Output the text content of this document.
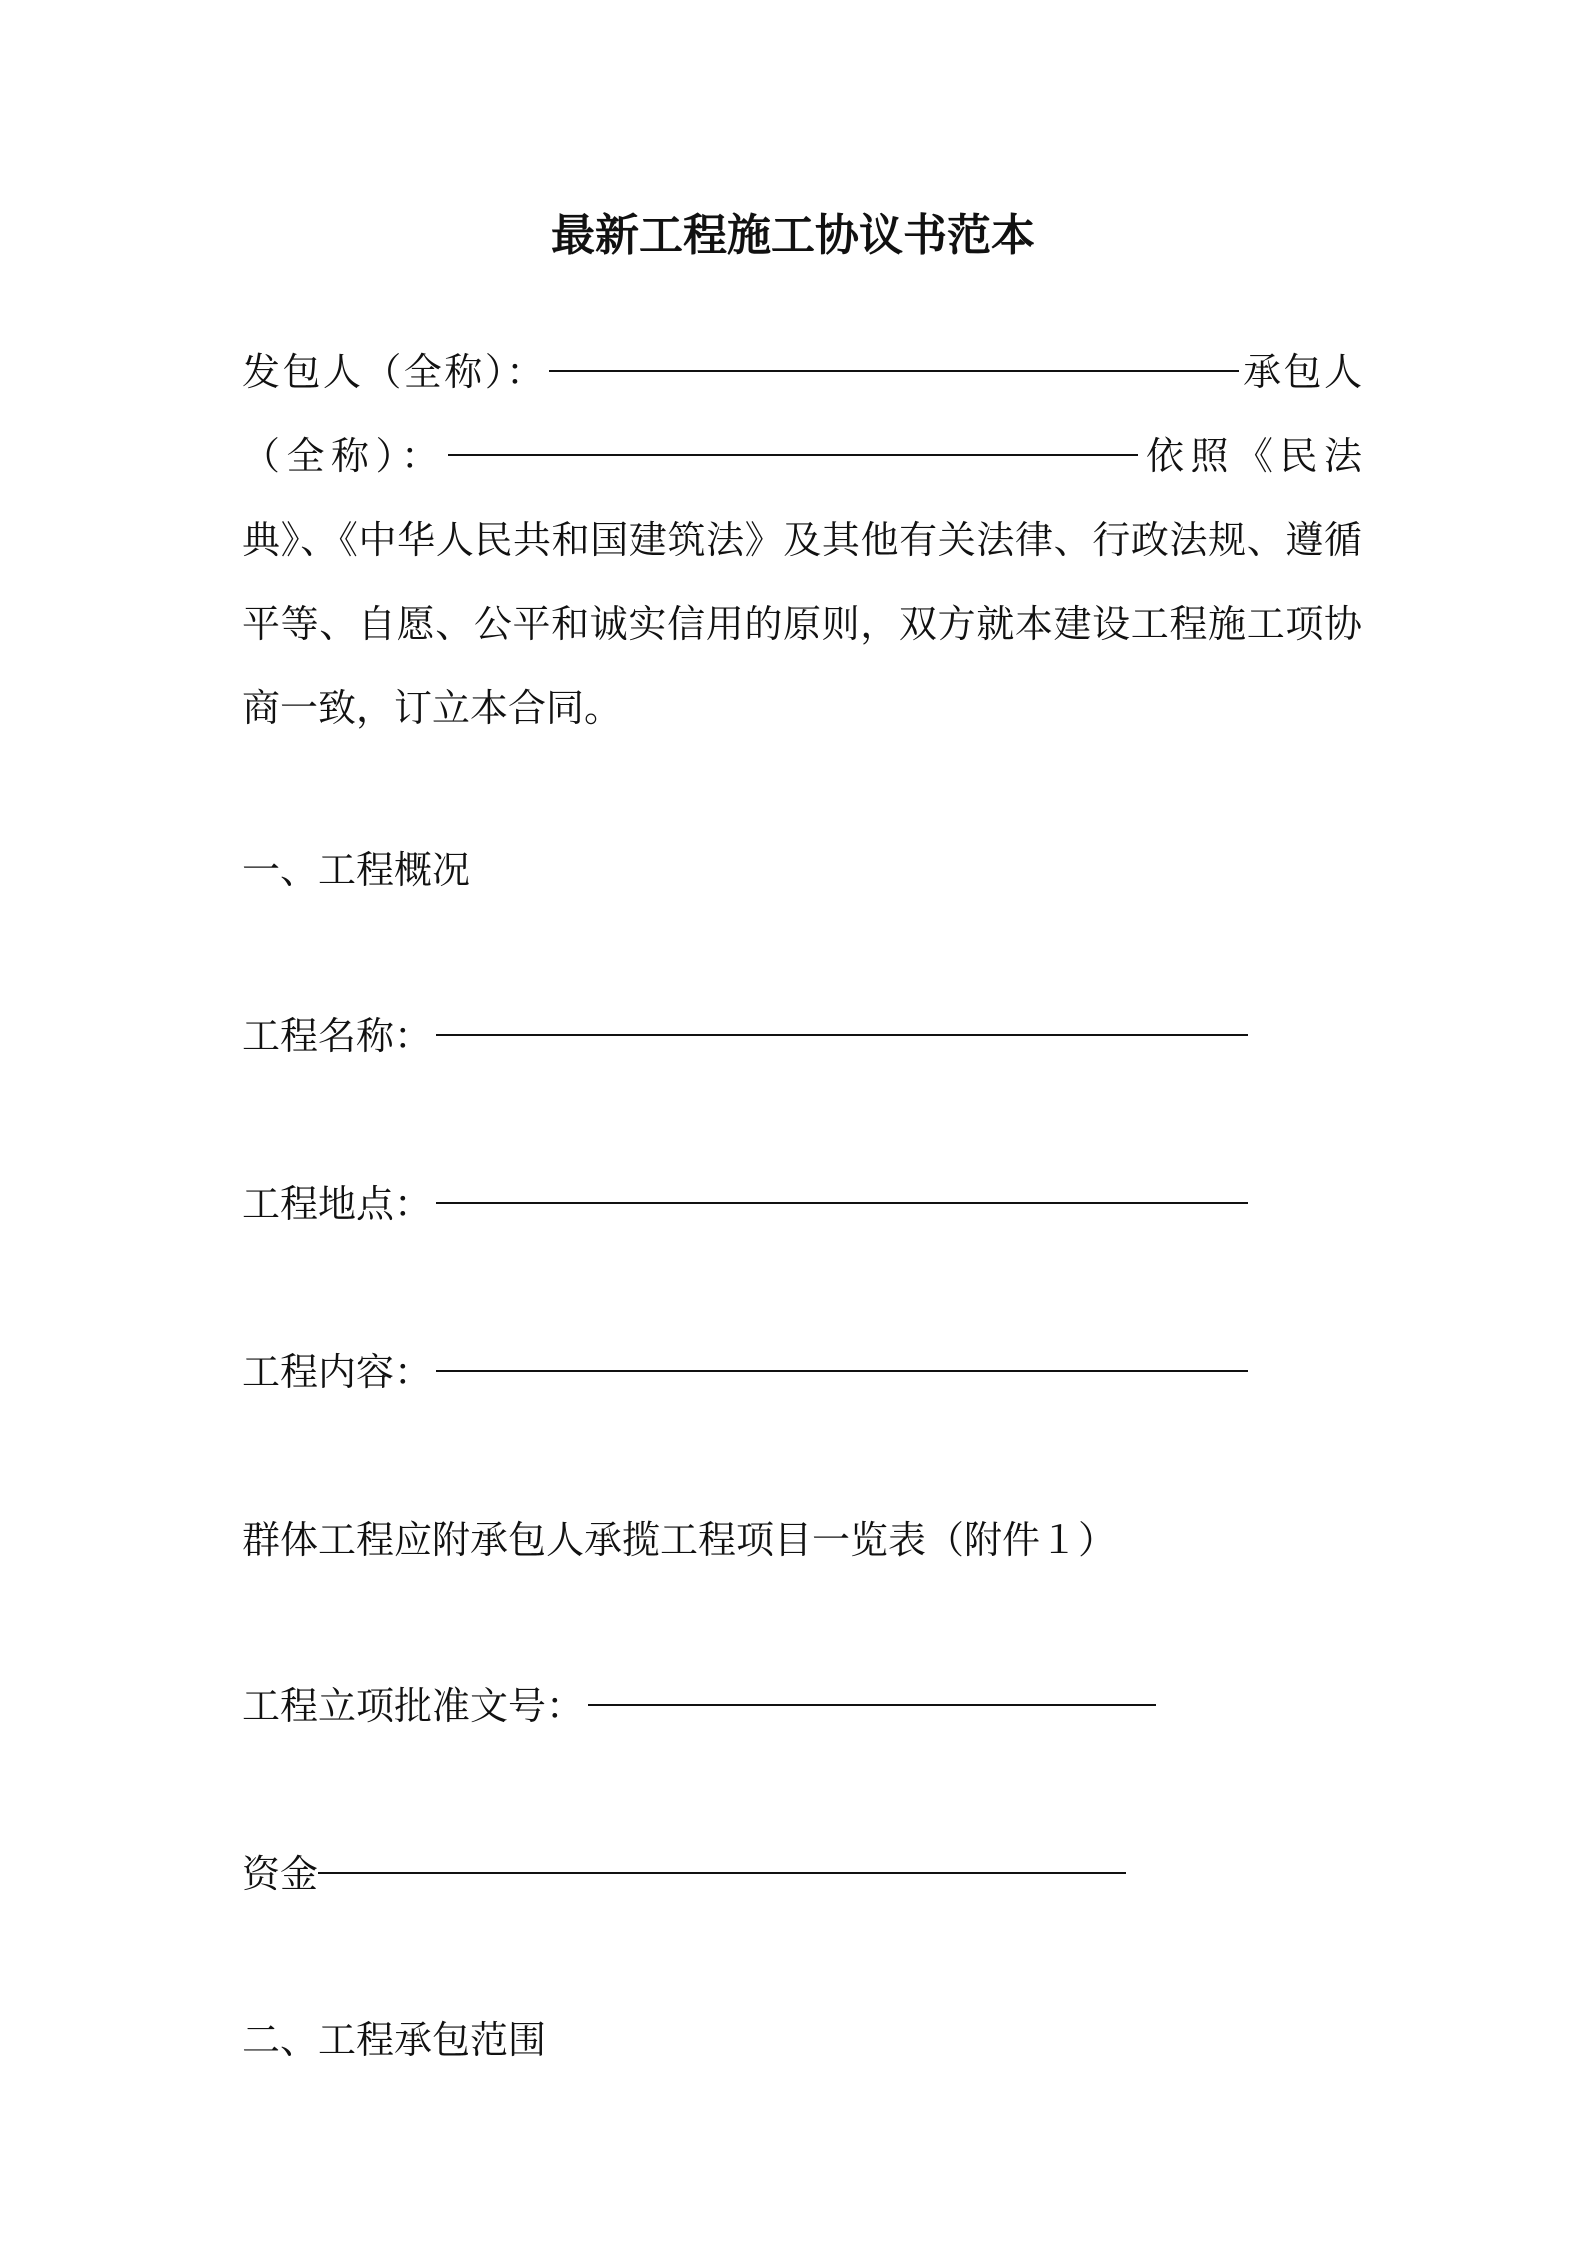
最新工程施工协议书范本
发包人（全称）：	承包人（全称）：	依照《民法典》、《中华人民共和国建筑法》及其他有关法律、行政法规、遵循平等、自愿、公平和诚实信用的原则，双方就本建设工程施工项协商一致，订立本合同。
一、工程概况
工程名称：
工程地点：
工程内容：
群体工程应附承包人承揽工程项目一览表（附件１）
工程立项批准文号：
资金
二、工程承包范围
